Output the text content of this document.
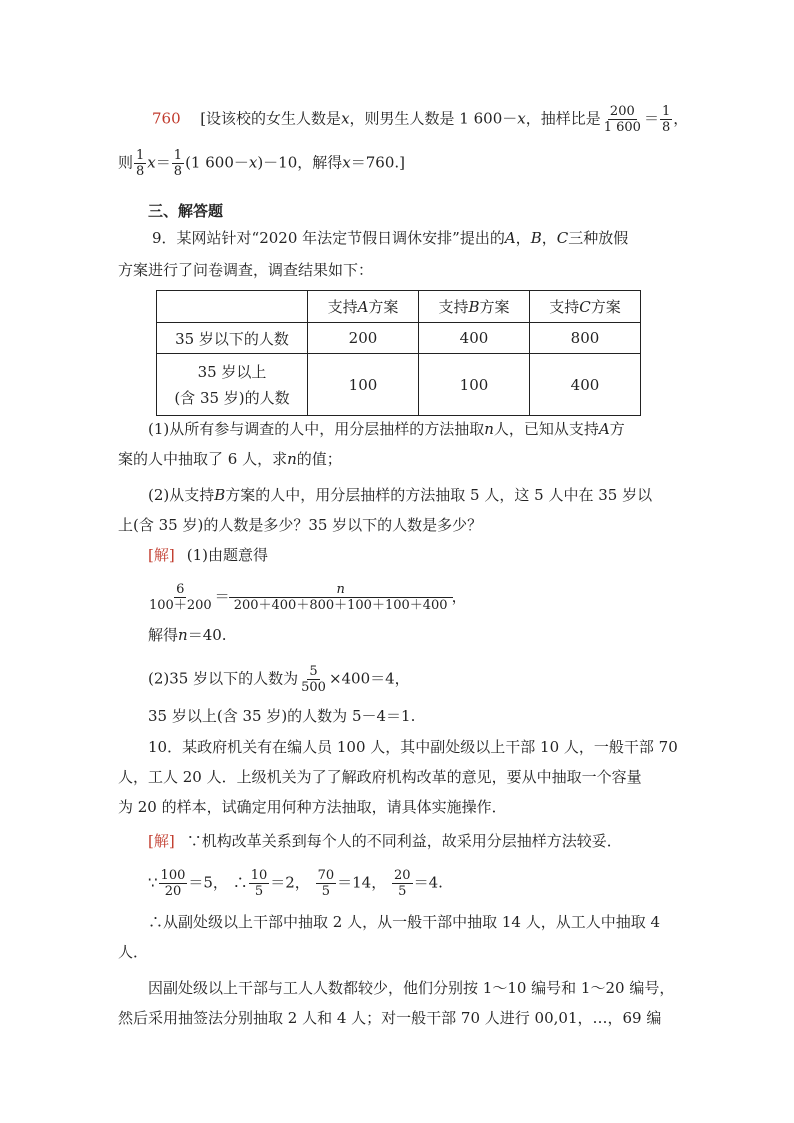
760 [设该校的女生人数是x，则男生人数是 1 600－x，抽样比是 $\frac{200}{1 600} = \frac{1}{8}$ ，
则 $\frac{1}{8} x= \frac{1}{8} (1$ 600－x)－10，解得x＝760.]
三、解答题
9．某网站针对“2020 年法定节假日调休安排”提出的A，B，C三种放假
方案进行了问卷调查，调查结果如下：
	支持A方案	支持B方案	支持C方案
35 岁以下的人数	200	400	800

35 岁以上
(含 35 岁)的人数	100	100	400
(1)从所有参与调查的人中，用分层抽样的方法抽取n人，已知从支持A方
案的人中抽取了 6 人，求n的值；
(2)从支持B方案的人中，用分层抽样的方法抽取 5 人，这 5 人中在 35 岁以
上(含 35 岁)的人数是多少？35 岁以下的人数是多少？
[解] (1)由题意得
$\frac{6}{100+200} = \frac{n}{200+400+800+100+100+400}$ ，
解得n＝40.
(2)35 岁以下的人数为 $\frac{5}{500} \times 400=4$，
35 岁以上(含 35 岁)的人数为 5－4＝1.
10．某政府机关有在编人员 100 人，其中副处级以上干部 10 人，一般干部 70
人，工人 20 人．上级机关为了了解政府机构改革的意见，要从中抽取一个容量
为 20 的样本，试确定用何种方法抽取，请具体实施操作．
[解] ∵机构改革关系到每个人的不同利益，故采用分层抽样方法较妥．
∵ $\frac{100}{20} =5$， ∴ $\frac{10}{5} =2$， $\frac{70}{5} =14$， $\frac{20}{5} =4$.
∴从副处级以上干部中抽取 2 人，从一般干部中抽取 14 人，从工人中抽取 4
人．
因副处级以上干部与工人人数都较少，他们分别按 1～10 编号和 1～20 编号，
然后采用抽签法分别抽取 2 人和 4 人；对一般干部 70 人进行 00,01，…，69 编
